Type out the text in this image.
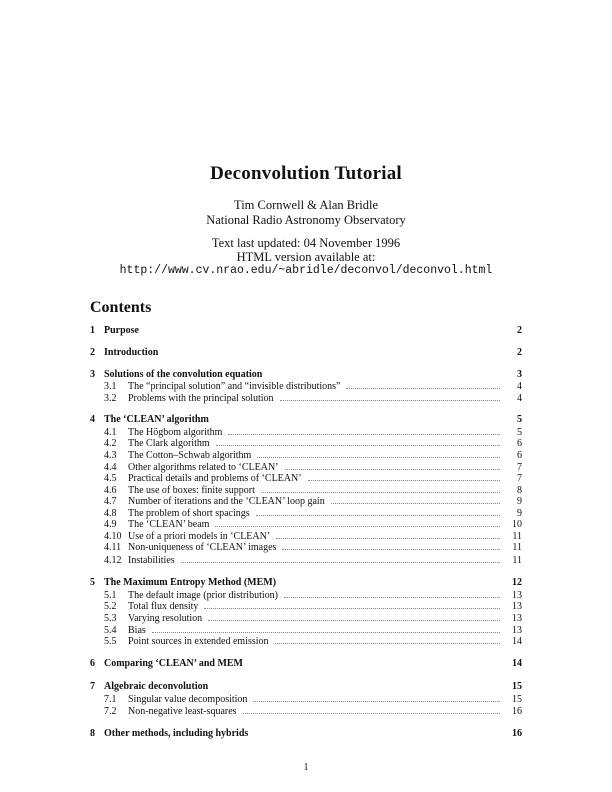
Deconvolution Tutorial
Tim Cornwell & Alan Bridle
National Radio Astronomy Observatory
Text last updated: 04 November 1996
HTML version available at:
http://www.cv.nrao.edu/~abridle/deconvol/deconvol.html
Contents
1 Purpose	2
2 Introduction	2
3 Solutions of the convolution equation	3
3.1	The “principal solution” and “invisible distributions”	4
3.2	Problems with the principal solution	4
4 The ‘CLEAN’ algorithm	5
4.1	The Högbom algorithm	5
4.2	The Clark algorithm	6
4.3	The Cotton–Schwab algorithm	6
4.4	Other algorithms related to ‘CLEAN’	7
4.5	Practical details and problems of ‘CLEAN’	7
4.6	The use of boxes: finite support	8
4.7	Number of iterations and the ‘CLEAN’ loop gain	9
4.8	The problem of short spacings	9
4.9	The ‘CLEAN’ beam	10
4.10 Use of a priori models in ‘CLEAN’	11
4.11 Non-uniqueness of ‘CLEAN’ images	11
4.12 Instabilities	11
5 The Maximum Entropy Method (MEM)	12
5.1	The default image (prior distribution)	13
5.2	Total flux density	13
5.3	Varying resolution	13
5.4	Bias	13
5.5	Point sources in extended emission	14
6 Comparing ‘CLEAN’ and MEM	14
7 Algebraic deconvolution	15
7.1	Singular value decomposition	15
7.2	Non-negative least-squares	16
8 Other methods, including hybrids	16
1
